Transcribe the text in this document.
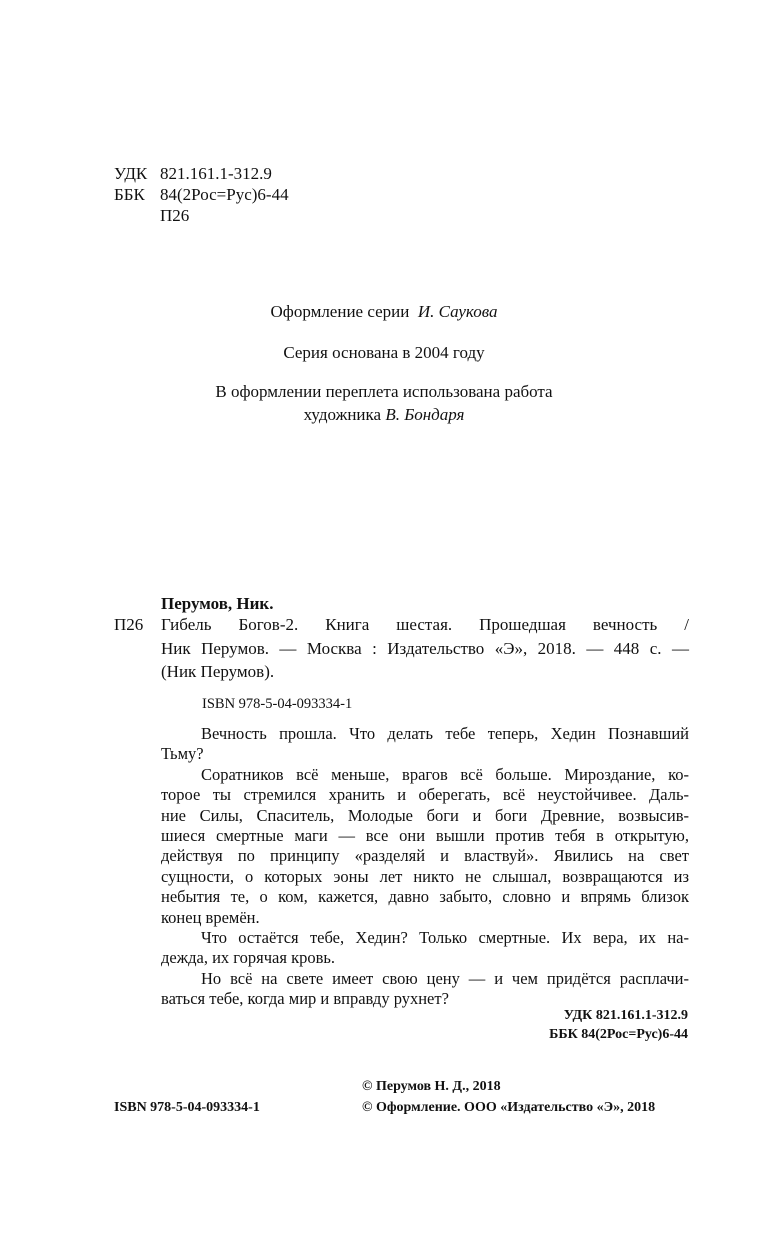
УДК 821.161.1-312.9
ББК 84(2Рос=Рус)6-44
П26
Оформление серии И. Саукова
Серия основана в 2004 году
В оформлении переплета использована работа
художника В. Бондаря
Перумов, Ник.
П26 Гибель Богов-2. Книга шестая. Прошедшая вечность /
Ник Перумов. — Москва : Издательство «Э», 2018. — 448 с. —
(Ник Перумов).
ISBN 978-5-04-093334-1

Вечность прошла. Что делать тебе теперь, Хедин Познавший
Тьму?

Соратников всё меньше, врагов всё больше. Мироздание, ко-
торое ты стремился хранить и оберегать, всё неустойчивее. Даль-
ние Силы, Спаситель, Молодые боги и боги Древние, возвысив-
шиеся смертные маги — все они вышли против тебя в открытую,
действуя по принципу «разделяй и властвуй». Явились на свет
сущности, о которых эоны лет никто не слышал, возвращаются из
небытия те, о ком, кажется, давно забыто, словно и впрямь близок
конец времён.

Что остаётся тебе, Хедин? Только смертные. Их вера, их на-
дежда, их горячая кровь.

Но всё на свете имеет свою цену — и чем придётся расплачи-
ваться тебе, когда мир и вправду рухнет?

УДК 821.161.1-312.9
ББК 84(2Рос=Рус)6-44
ISBN 978-5-04-093334-1
© Перумов Н. Д., 2018
© Оформление. ООО «Издательство «Э», 2018
